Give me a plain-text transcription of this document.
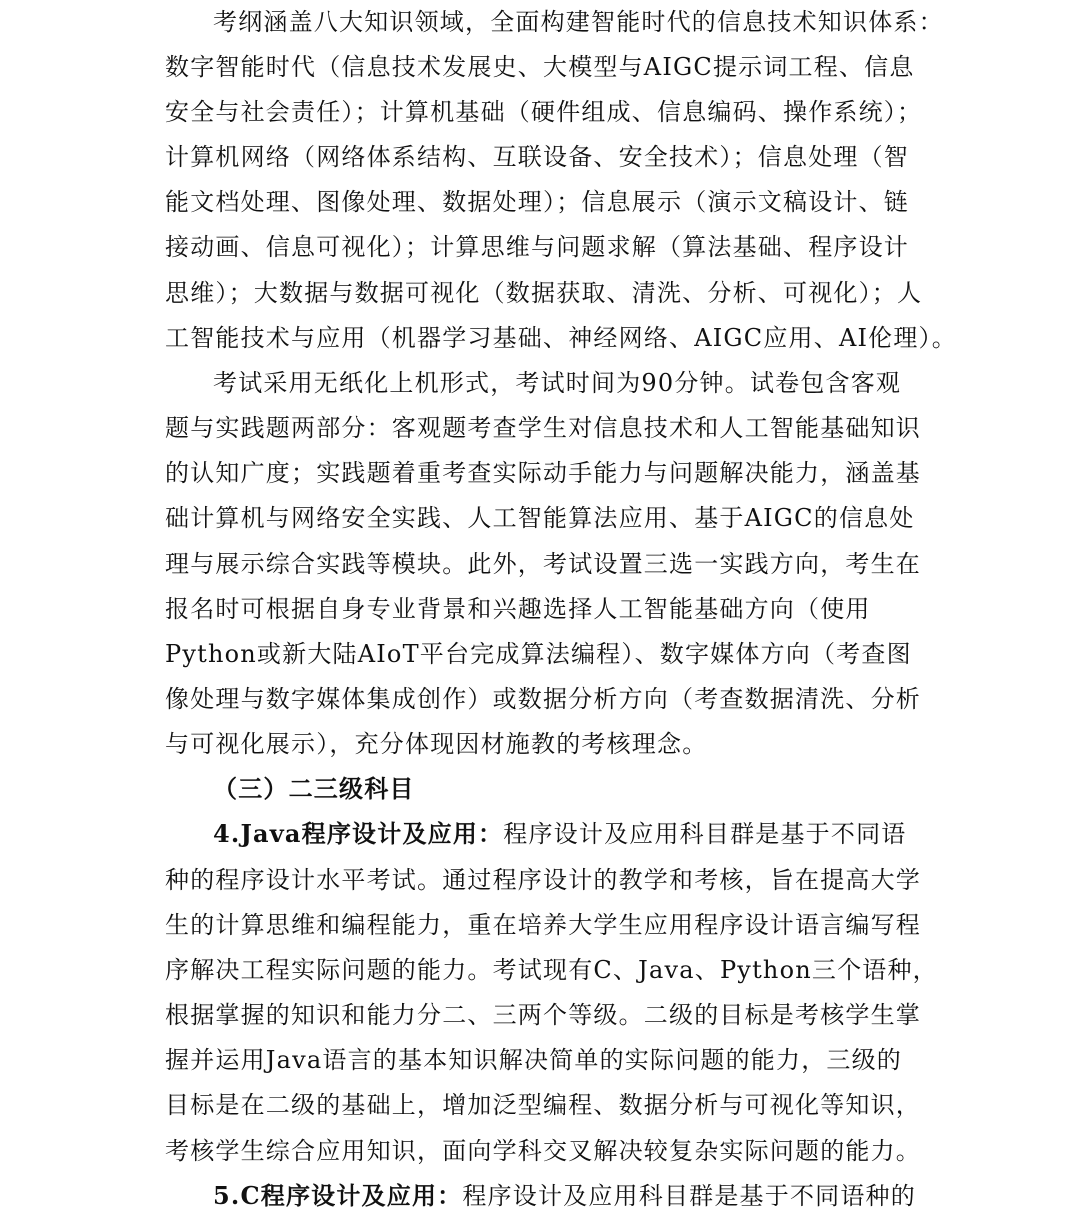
考纲涵盖八大知识领域，全面构建智能时代的信息技术知识体系：
数字智能时代（信息技术发展史、大模型与AIGC提示词工程、信息
安全与社会责任）；计算机基础（硬件组成、信息编码、操作系统）；
计算机网络（网络体系结构、互联设备、安全技术）；信息处理（智
能文档处理、图像处理、数据处理）；信息展示（演示文稿设计、链
接动画、信息可视化）；计算思维与问题求解（算法基础、程序设计
思维）；大数据与数据可视化（数据获取、清洗、分析、可视化）；人
工智能技术与应用（机器学习基础、神经网络、AIGC应用、AI伦理）。
考试采用无纸化上机形式，考试时间为90分钟。试卷包含客观
题与实践题两部分：客观题考查学生对信息技术和人工智能基础知识
的认知广度；实践题着重考查实际动手能力与问题解决能力，涵盖基
础计算机与网络安全实践、人工智能算法应用、基于AIGC的信息处
理与展示综合实践等模块。此外，考试设置三选一实践方向，考生在
报名时可根据自身专业背景和兴趣选择人工智能基础方向（使用
Python或新大陆AIoT平台完成算法编程）、数字媒体方向（考查图
像处理与数字媒体集成创作）或数据分析方向（考查数据清洗、分析
与可视化展示），充分体现因材施教的考核理念。
（三）二三级科目
4.Java程序设计及应用：程序设计及应用科目群是基于不同语
种的程序设计水平考试。通过程序设计的教学和考核，旨在提高大学
生的计算思维和编程能力，重在培养大学生应用程序设计语言编写程
序解决工程实际问题的能力。考试现有C、Java、Python三个语种，
根据掌握的知识和能力分二、三两个等级。二级的目标是考核学生掌
握并运用Java语言的基本知识解决简单的实际问题的能力，三级的
目标是在二级的基础上，增加泛型编程、数据分析与可视化等知识，
考核学生综合应用知识，面向学科交叉解决较复杂实际问题的能力。
5.C程序设计及应用：程序设计及应用科目群是基于不同语种的
